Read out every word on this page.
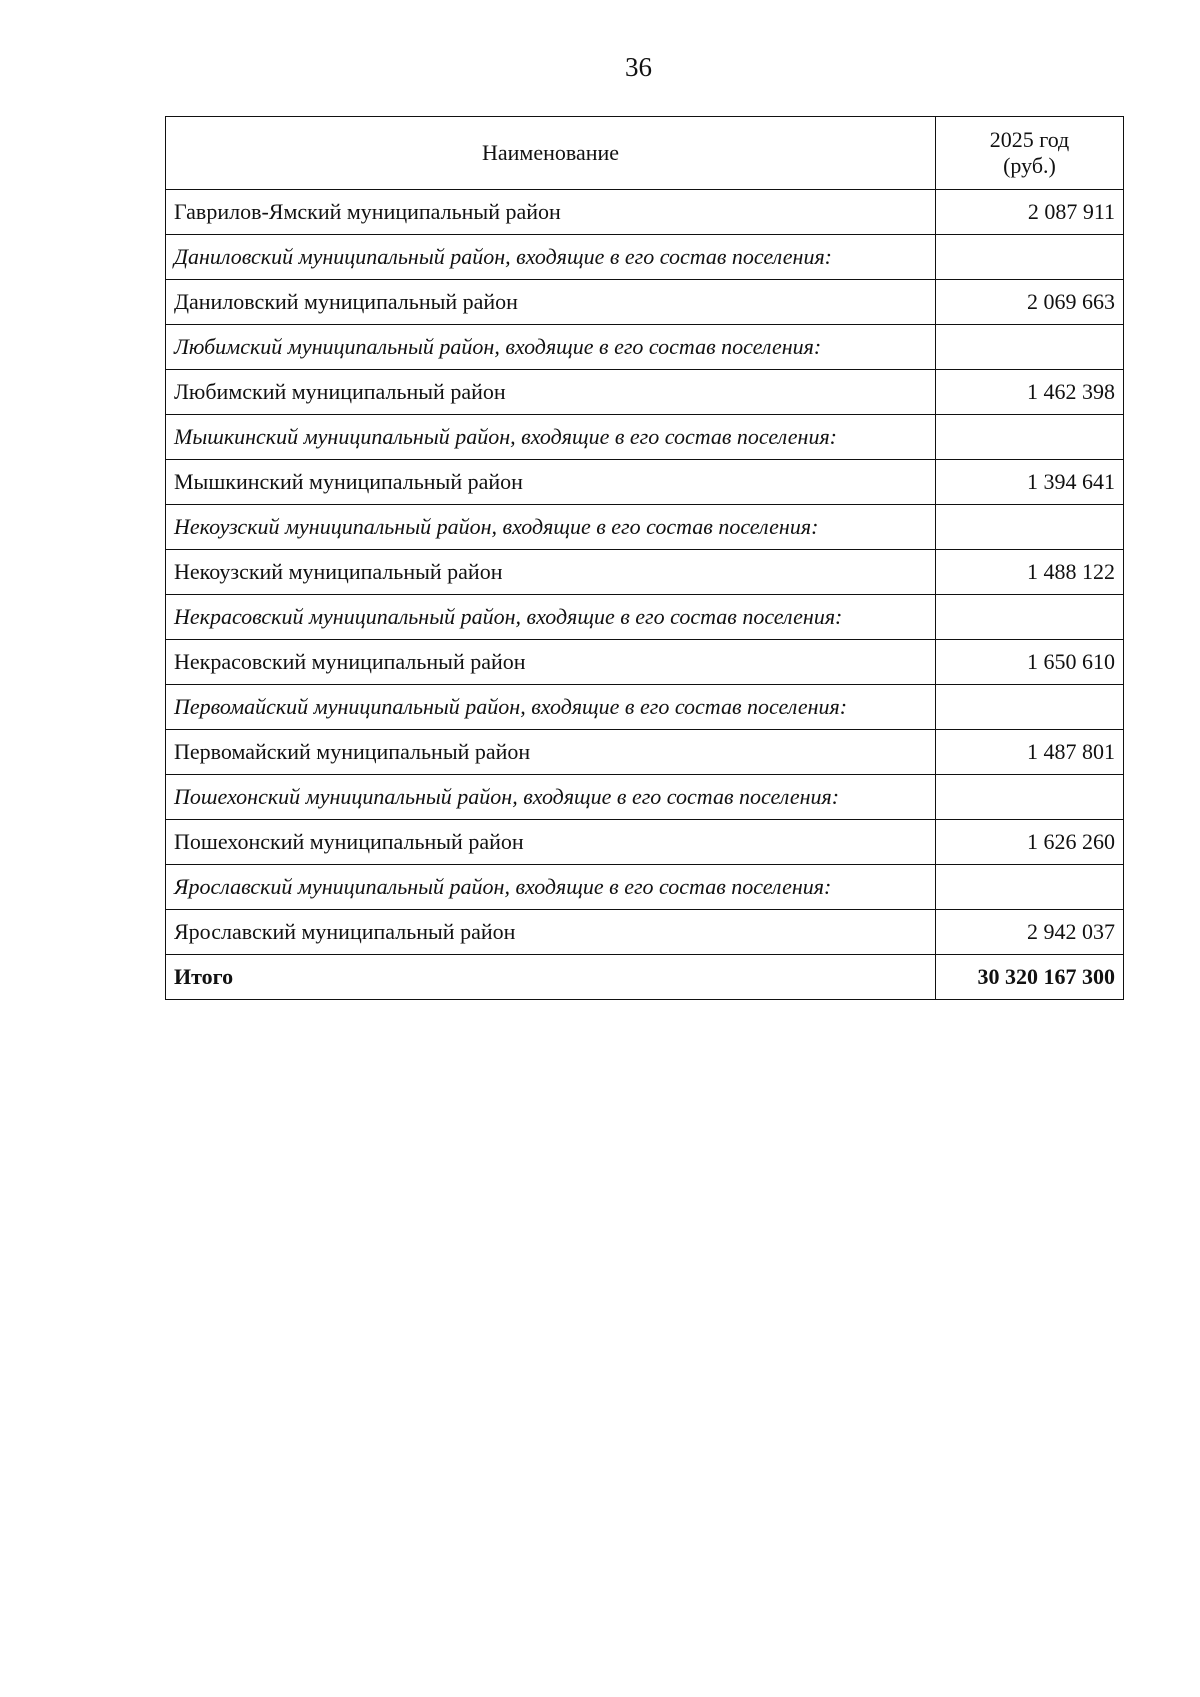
36
Наименование	2025 год
(руб.)

Гаврилов-Ямский муниципальный район	2 087 911
Даниловский муниципальный район, входящие в его состав поселения:	
Даниловский муниципальный район	2 069 663
Любимский муниципальный район, входящие в его состав поселения:	
Любимский муниципальный район	1 462 398
Мышкинский муниципальный район, входящие в его состав поселения:	
Мышкинский муниципальный район	1 394 641
Некоузский муниципальный район, входящие в его состав поселения:	
Некоузский муниципальный район	1 488 122
Некрасовский муниципальный район, входящие в его состав поселения:	
Некрасовский муниципальный район	1 650 610
Первомайский муниципальный район, входящие в его состав поселения:	
Первомайский муниципальный район	1 487 801
Пошехонский муниципальный район, входящие в его состав поселения:	
Пошехонский муниципальный район	1 626 260
Ярославский муниципальный район, входящие в его состав поселения:	
Ярославский муниципальный район	2 942 037
Итого	30 320 167 300
